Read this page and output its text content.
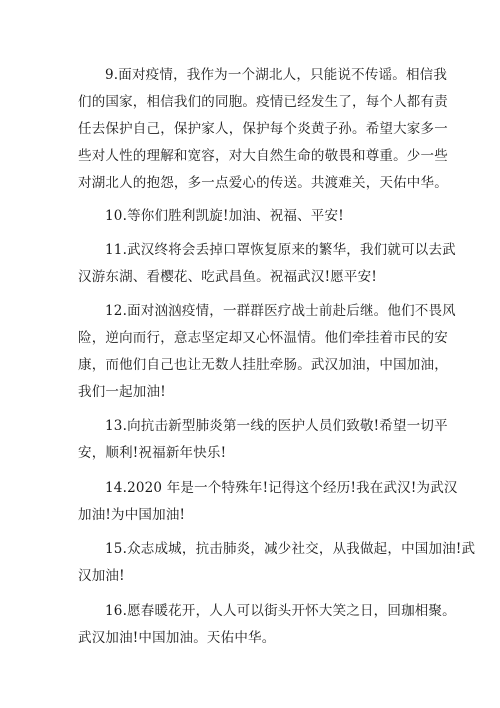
9.面对疫情，我作为一个湖北人，只能说不传谣。相信我
们的国家，相信我们的同胞。疫情已经发生了，每个人都有责
任去保护自己，保护家人，保护每个炎黄子孙。希望大家多一
些对人性的理解和宽容，对大自然生命的敬畏和尊重。少一些
对湖北人的抱怨，多一点爱心的传送。共渡难关，天佑中华。
10.等你们胜利凯旋!加油、祝福、平安!
11.武汉终将会丢掉口罩恢复原来的繁华，我们就可以去武
汉游东湖、看樱花、吃武昌鱼。祝福武汉!愿平安!
12.面对汹汹疫情，一群群医疗战士前赴后继。他们不畏风
险，逆向而行，意志坚定却又心怀温情。他们牵挂着市民的安
康，而他们自己也让无数人挂肚牵肠。武汉加油，中国加油，
我们一起加油!
13.向抗击新型肺炎第一线的医护人员们致敬!希望一切平
安，顺利!祝福新年快乐!
14.2020 年是一个特殊年!记得这个经历!我在武汉!为武汉
加油!为中国加油!
15.众志成城，抗击肺炎，减少社交，从我做起，中国加油!武
汉加油!
16.愿春暖花开，人人可以街头开怀大笑之日，回珈相聚。
武汉加油!中国加油。天佑中华。
